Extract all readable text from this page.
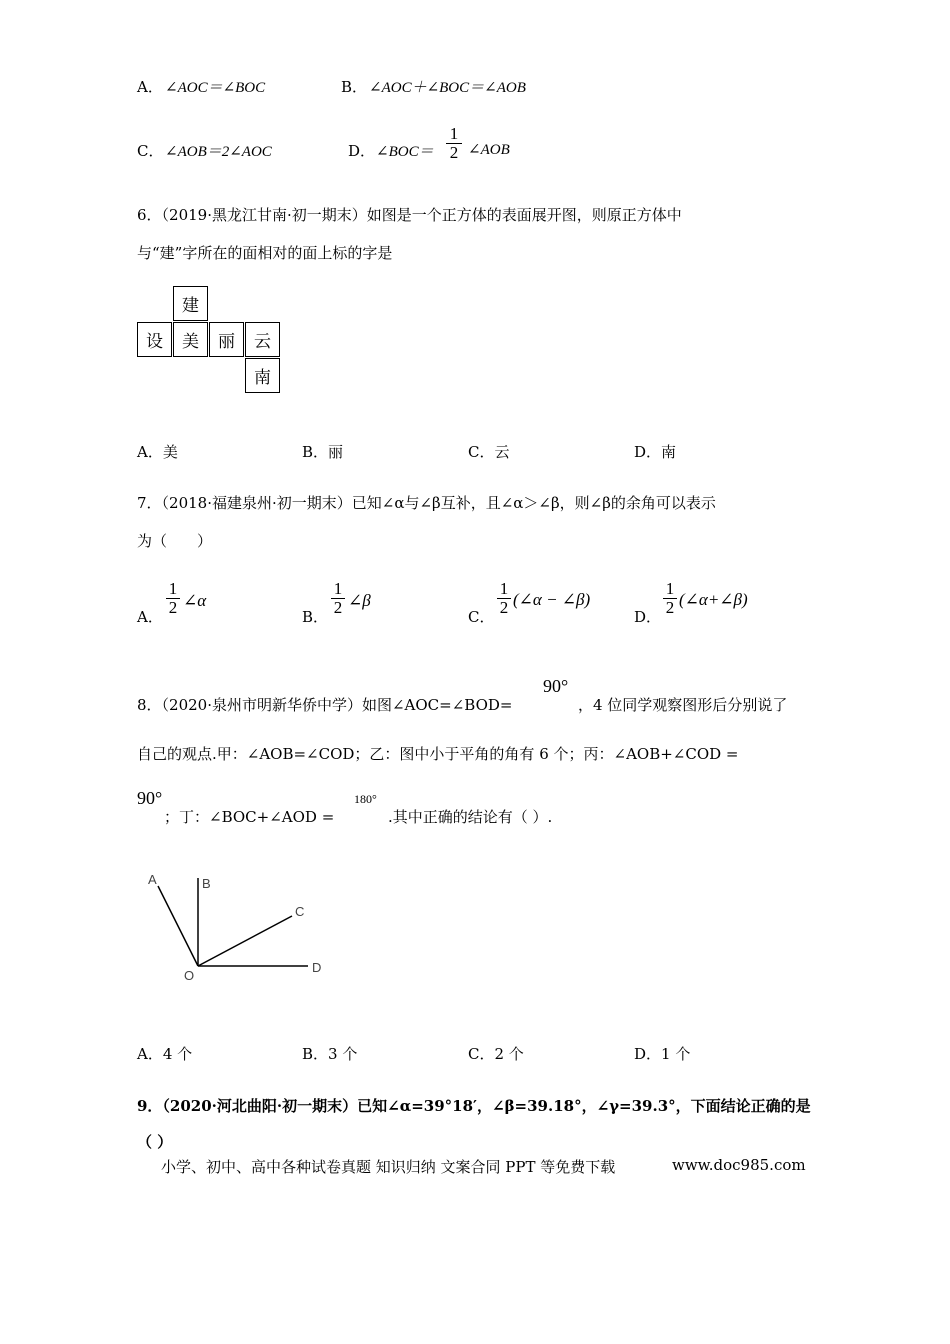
A． ∠AOC＝∠BOC	B． ∠AOC＋∠BOC＝∠AOB
C． ∠AOB＝2∠AOC	D． ∠BOC＝ $\frac{1}{2}$ ∠AOB
6．（2019·黑龙江甘南·初一期末）如图是一个正方体的表面展开图，则原正方体中
与“建”字所在的面相对的面上标的字是
建
设	美	丽	云
南
A．美	B．丽	C．云	D．南
7．（2018·福建泉州·初一期末）已知∠α与∠β互补，且∠α＞∠β，则∠β的余角可以表示
为（　　）
A． $\frac{1}{2}$ ∠α
B． $\frac{1}{2}$ ∠β
C． $\frac{1}{2}$ (∠α − ∠β)
D． $\frac{1}{2}$ (∠α+∠β)
8．（2020·泉州市明新华侨中学）如图∠AOC=∠BOD=
90°
，4 位同学观察图形后分别说了
自己的观点.甲：∠AOB=∠COD；乙：图中小于平角的角有 6 个；丙：∠AOB+∠COD =
90°
；丁：∠BOC+∠AOD =
180°
.其中正确的结论有（ ）.
A	B
C
D
O
A．4 个	B．3 个	C．2 个	D．1 个
9．（2020·河北曲阳·初一期末）已知∠α=39°18′，∠β=39.18°，∠γ=39.3°，下面结论正确的是
（ ）
小学、初中、高中各种试卷真题 知识归纳 文案合同 PPT 等免费下载	www.doc985.com
